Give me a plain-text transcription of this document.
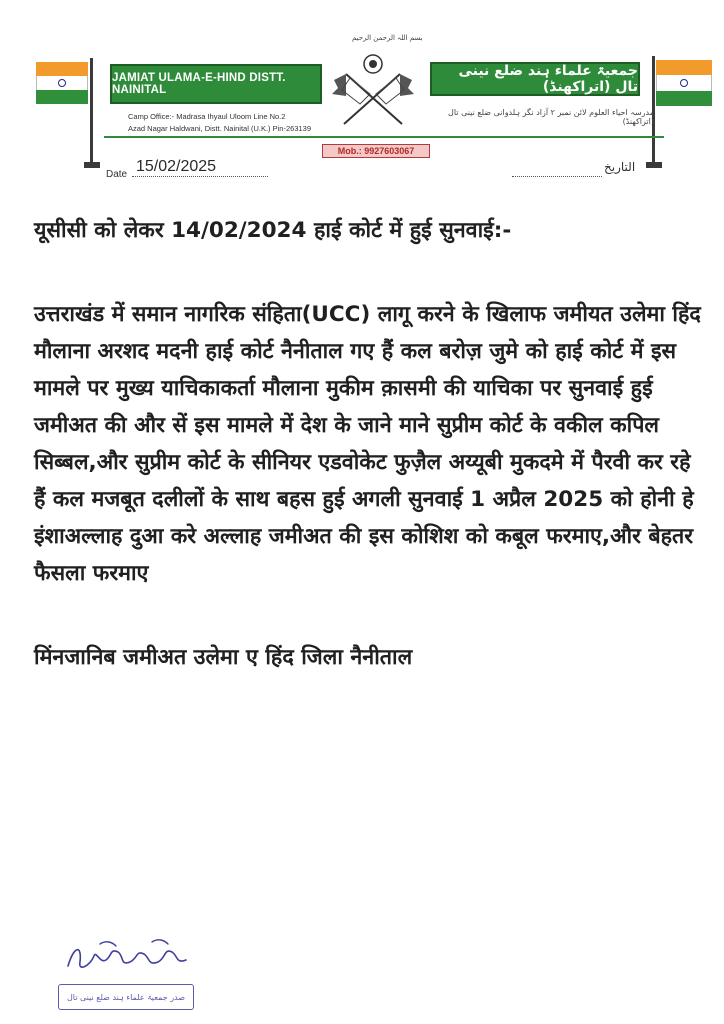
JAMIAT ULAMA-E-HIND DISTT. NAINITAL
جمعیۃ علماء ہند ضلع نینی تال (اتراکھنڈ)
بسم اللہ الرحمن الرحیم
Camp Office:- Madrasa Ihyaul Uloom Line No.2
Azad Nagar Haldwani, Distt. Nainital (U.K.) Pin-263139
مدرسہ احیاء العلوم لائن نمبر ۲ آزاد نگر ہلدوانی ضلع نینی تال (اتراکھنڈ)
Mob.: 9927603067
Date 15/02/2025	التاریخ

यूसीसी को लेकर 14/02/2024 हाई कोर्ट में हुई सुनवाई:-

उत्तराखंड में समान नागरिक संहिता(UCC) लागू करने के खिलाफ जमीयत उलेमा हिंद मौलाना अरशद मदनी हाई कोर्ट नैनीताल गए हैं कल बरोज़ जुमे को हाई कोर्ट में इस मामले पर मुख्य याचिकाकर्ता मौलाना मुकीम क़ासमी की याचिका पर सुनवाई हुई जमीअत की और सें इस मामले में देश के जाने माने सुप्रीम कोर्ट के वकील कपिल सिब्बल,और सुप्रीम कोर्ट के सीनियर एडवोकेट फुज़ैल अय्यूबी मुकदमे में पैरवी कर रहे हैं कल मजबूत दलीलों के साथ बहस हुई अगली सुनवाई 1 अप्रैल 2025 को होनी हे इंशाअल्लाह दुआ करे अल्लाह जमीअत की इस कोशिश को कबूल फरमाए,और बेहतर फैसला फरमाए

मिंनजानिब जमीअत उलेमा ए हिंद जिला नैनीताल

صدر جمعیۃ علماء ہند ضلع نینی تال
